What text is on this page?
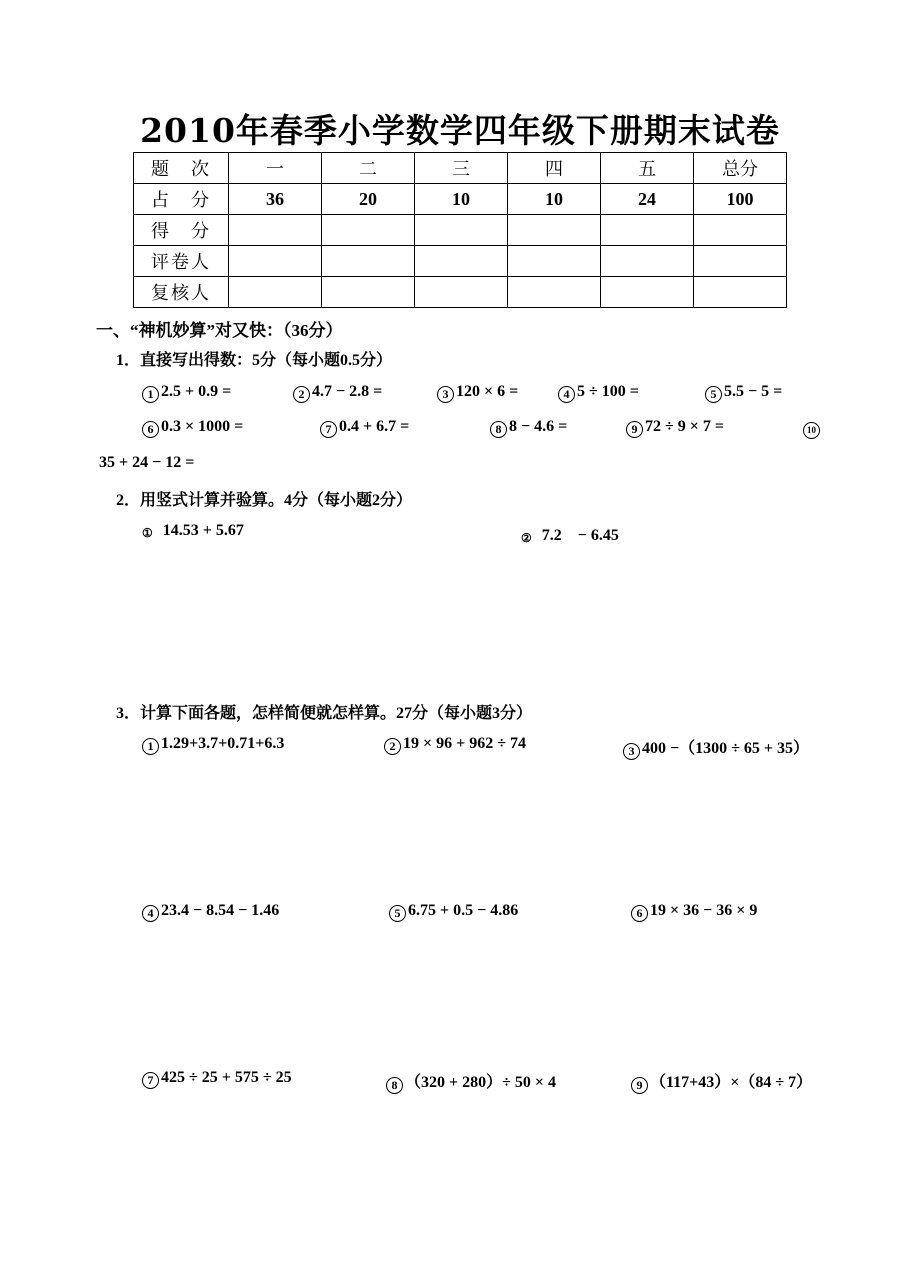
2010年春季小学数学四年级下册期末试卷
题　次	一	二	三	四	五	总分
占　分	36	20	10	10	24	100
得　分						
评卷人						
复核人						
一、“神机妙算”对又快：（36分）
1．直接写出得数：5分（每小题0.5分）
1 2.5 + 0.9 =	2 4.7 − 2.8 =	3 120 × 6 =	4 5 ÷ 100 =	5 5.5 − 5 =
6 0.3 × 1000 =	7 0.4 + 6.7 =	8 8 − 4.6 =	9 72 ÷ 9 × 7 =	10
35 + 24 − 12 =
2．用竖式计算并验算。4分（每小题2分）
① 14.53 + 5.67	② 7.2　− 6.45
3．计算下面各题，怎样简便就怎样算。27分（每小题3分）
1 1.29+3.7+0.71+6.3	2 19 × 96 + 962 ÷ 74	3 400 −（1300 ÷ 65 + 35）
4 23.4 − 8.54 − 1.46	5 6.75 + 0.5 − 4.86	6 19 × 36 − 36 × 9
7 425 ÷ 25 + 575 ÷ 25	8 （320 + 280）÷ 50 × 4	9 （117+43）×（84 ÷ 7）
